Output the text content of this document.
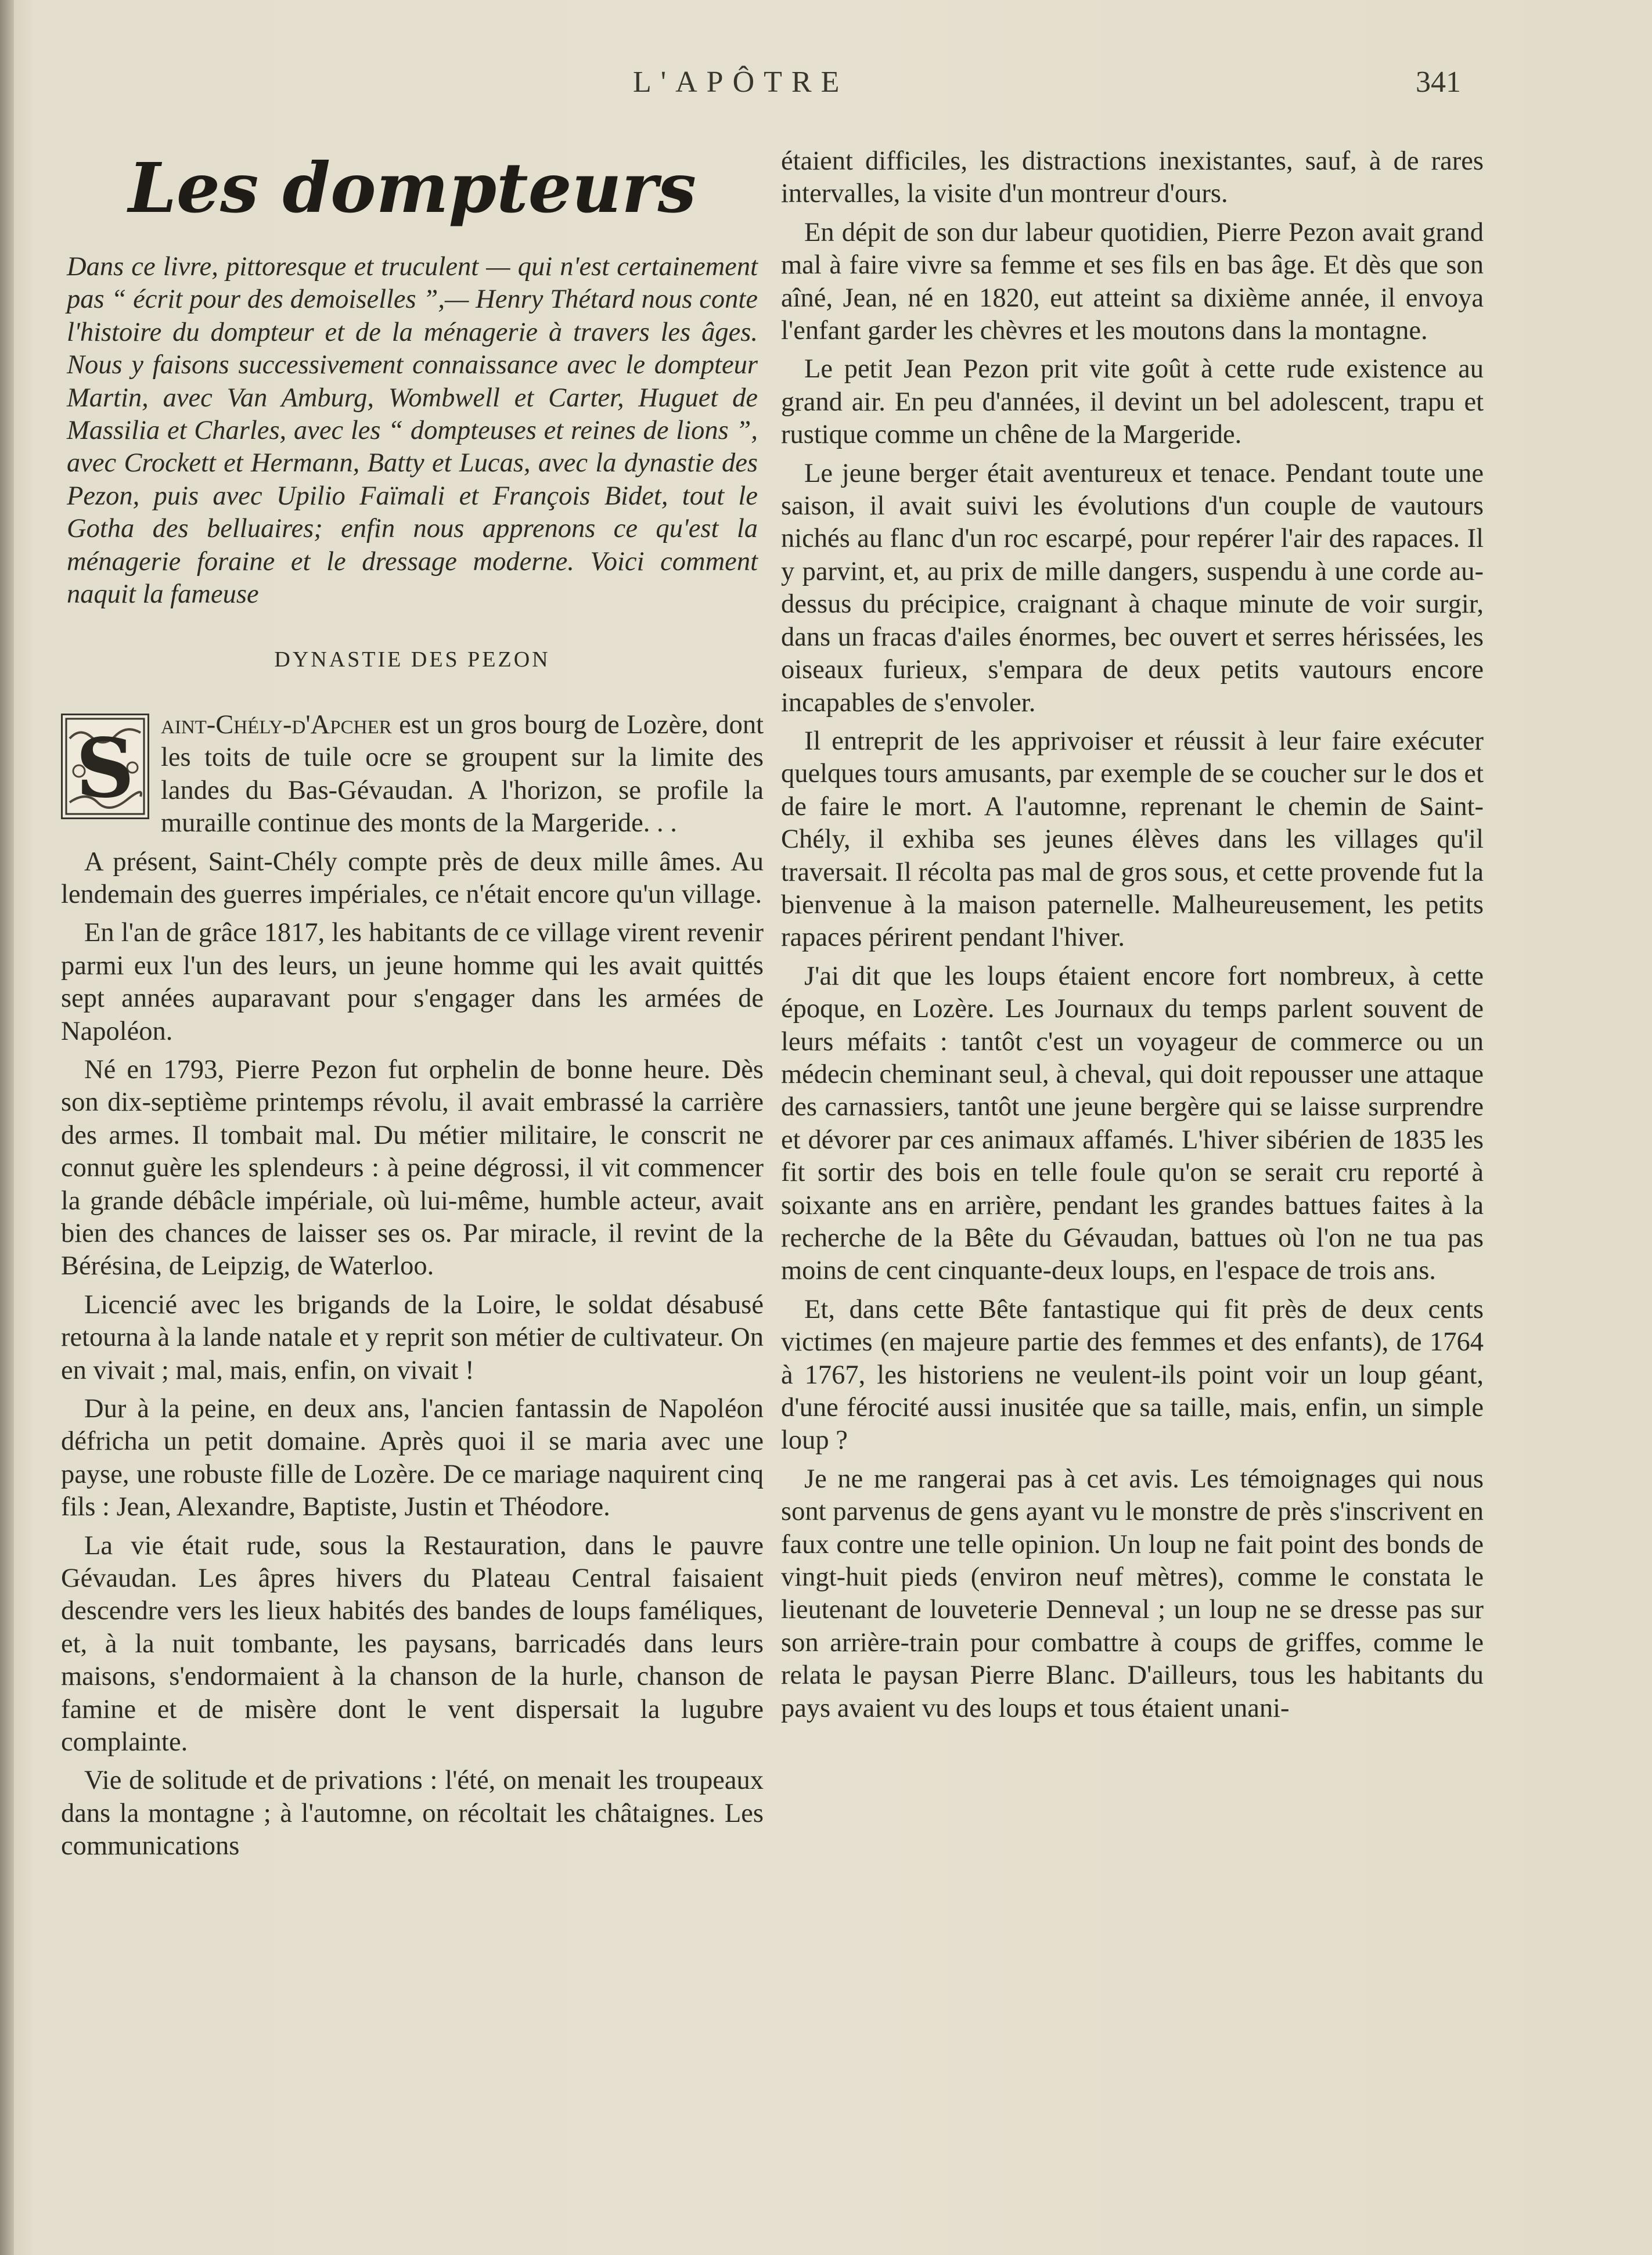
L'APÔTRE	341
Les dompteurs
Dans ce livre, pittoresque et truculent — qui n'est certainement pas “ écrit pour des demoiselles ”,— Henry Thétard nous conte l'histoire du dompteur et de la ménagerie à travers les âges. Nous y faisons successivement connaissance avec le dompteur Martin, avec Van Amburg, Wombwell et Carter, Huguet de Massilia et Charles, avec les “ dompteuses et reines de lions ”, avec Crockett et Hermann, Batty et Lucas, avec la dynastie des Pezon, puis avec Upilio Faïmali et François Bidet, tout le Gotha des belluaires; enfin nous apprenons ce qu'est la ménagerie foraine et le dressage moderne. Voici comment naquit la fameuse
DYNASTIE DES PEZON

S aint-Chély-d'Apcher est un gros bourg de Lozère, dont les toits de tuile ocre se groupent sur la limite des landes du Bas-Gévaudan. A l'horizon, se profile la muraille continue des monts de la Margeride. . .

A présent, Saint-Chély compte près de deux mille âmes. Au lendemain des guerres impériales, ce n'était encore qu'un village.

En l'an de grâce 1817, les habitants de ce village virent revenir parmi eux l'un des leurs, un jeune homme qui les avait quittés sept années auparavant pour s'engager dans les armées de Napoléon.

Né en 1793, Pierre Pezon fut orphelin de bonne heure. Dès son dix-septième printemps révolu, il avait embrassé la carrière des armes. Il tombait mal. Du métier militaire, le conscrit ne connut guère les splendeurs : à peine dégrossi, il vit commencer la grande débâcle impériale, où lui-même, humble acteur, avait bien des chances de laisser ses os. Par miracle, il revint de la Bérésina, de Leipzig, de Waterloo.

Licencié avec les brigands de la Loire, le soldat désabusé retourna à la lande natale et y reprit son métier de cultivateur. On en vivait ; mal, mais, enfin, on vivait !

Dur à la peine, en deux ans, l'ancien fantassin de Napoléon défricha un petit domaine. Après quoi il se maria avec une payse, une robuste fille de Lozère. De ce mariage naquirent cinq fils : Jean, Alexandre, Baptiste, Justin et Théodore.

La vie était rude, sous la Restauration, dans le pauvre Gévaudan. Les âpres hivers du Plateau Central faisaient descendre vers les lieux habités des bandes de loups faméliques, et, à la nuit tombante, les paysans, barricadés dans leurs maisons, s'endormaient à la chanson de la hurle, chanson de famine et de misère dont le vent dispersait la lugubre complainte.

Vie de solitude et de privations : l'été, on menait les troupeaux dans la montagne ; à l'automne, on récoltait les châtaignes. Les communications

étaient difficiles, les distractions inexistantes, sauf, à de rares intervalles, la visite d'un montreur d'ours.

En dépit de son dur labeur quotidien, Pierre Pezon avait grand mal à faire vivre sa femme et ses fils en bas âge. Et dès que son aîné, Jean, né en 1820, eut atteint sa dixième année, il envoya l'enfant garder les chèvres et les moutons dans la montagne.

Le petit Jean Pezon prit vite goût à cette rude existence au grand air. En peu d'années, il devint un bel adolescent, trapu et rustique comme un chêne de la Margeride.

Le jeune berger était aventureux et tenace. Pendant toute une saison, il avait suivi les évolutions d'un couple de vautours nichés au flanc d'un roc escarpé, pour repérer l'air des rapaces. Il y parvint, et, au prix de mille dangers, suspendu à une corde au-dessus du précipice, craignant à chaque minute de voir surgir, dans un fracas d'ailes énormes, bec ouvert et serres hérissées, les oiseaux furieux, s'empara de deux petits vautours encore incapables de s'envoler.

Il entreprit de les apprivoiser et réussit à leur faire exécuter quelques tours amusants, par exemple de se coucher sur le dos et de faire le mort. A l'automne, reprenant le chemin de Saint-Chély, il exhiba ses jeunes élèves dans les villages qu'il traversait. Il récolta pas mal de gros sous, et cette provende fut la bienvenue à la maison paternelle. Malheureusement, les petits rapaces périrent pendant l'hiver.

J'ai dit que les loups étaient encore fort nombreux, à cette époque, en Lozère. Les Journaux du temps parlent souvent de leurs méfaits : tantôt c'est un voyageur de commerce ou un médecin cheminant seul, à cheval, qui doit repousser une attaque des carnassiers, tantôt une jeune bergère qui se laisse surprendre et dévorer par ces animaux affamés. L'hiver sibérien de 1835 les fit sortir des bois en telle foule qu'on se serait cru reporté à soixante ans en arrière, pendant les grandes battues faites à la recherche de la Bête du Gévaudan, battues où l'on ne tua pas moins de cent cinquante-deux loups, en l'espace de trois ans.

Et, dans cette Bête fantastique qui fit près de deux cents victimes (en majeure partie des femmes et des enfants), de 1764 à 1767, les historiens ne veulent-ils point voir un loup géant, d'une férocité aussi inusitée que sa taille, mais, enfin, un simple loup ?

Je ne me rangerai pas à cet avis. Les témoignages qui nous sont parvenus de gens ayant vu le monstre de près s'inscrivent en faux contre une telle opinion. Un loup ne fait point des bonds de vingt-huit pieds (environ neuf mètres), comme le constata le lieutenant de louveterie Denneval ; un loup ne se dresse pas sur son arrière-train pour combattre à coups de griffes, comme le relata le paysan Pierre Blanc. D'ailleurs, tous les habitants du pays avaient vu des loups et tous étaient unani-
